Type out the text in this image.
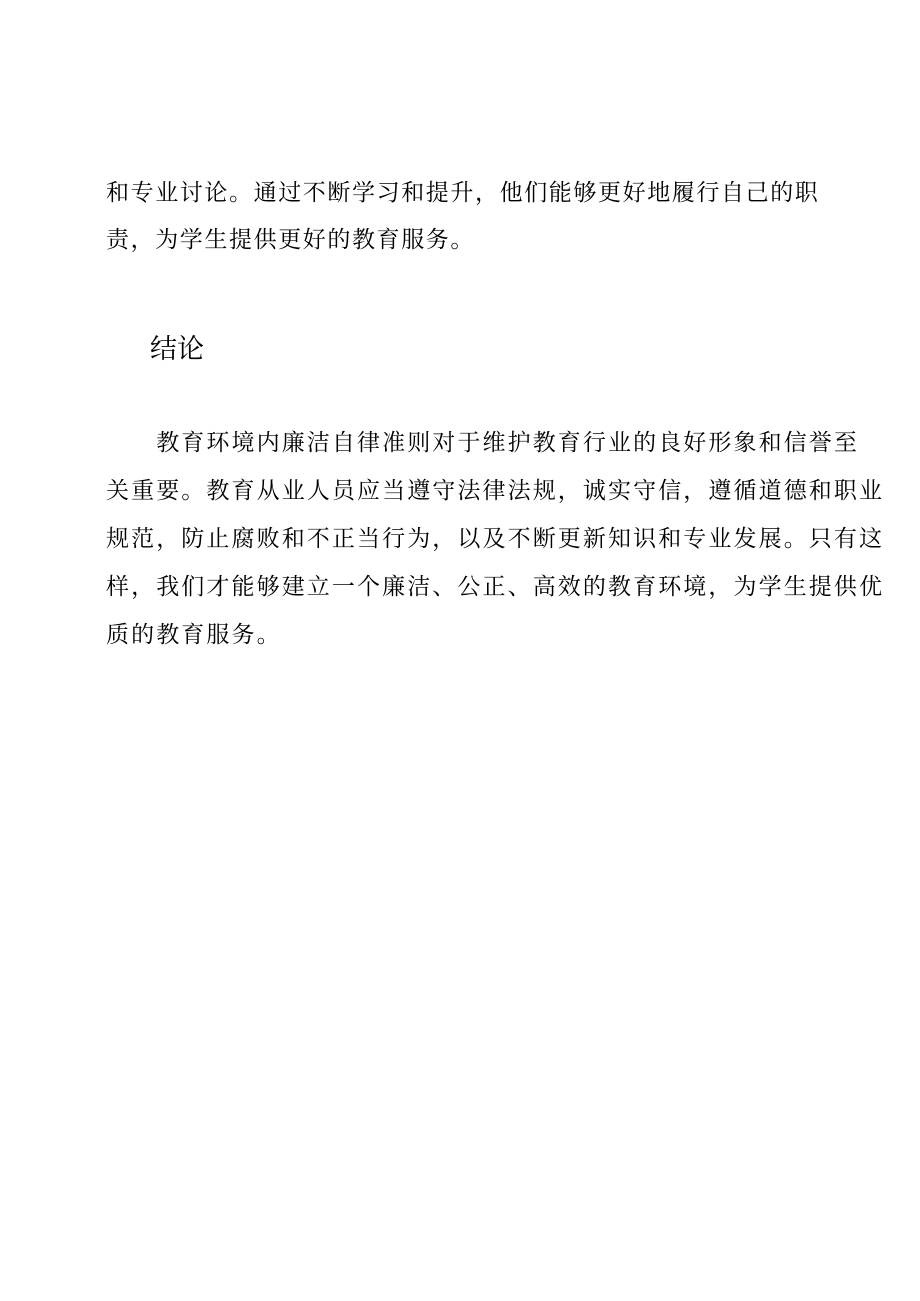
和专业讨论。通过不断学习和提升，他们能够更好地履行自己的职

责，为学生提供更好的教育服务。

结论

　　教育环境内廉洁自律准则对于维护教育行业的良好形象和信誉至

关重要。教育从业人员应当遵守法律法规，诚实守信，遵循道德和职业

规范，防止腐败和不正当行为，以及不断更新知识和专业发展。只有这

样，我们才能够建立一个廉洁、公正、高效的教育环境，为学生提供优

质的教育服务。
